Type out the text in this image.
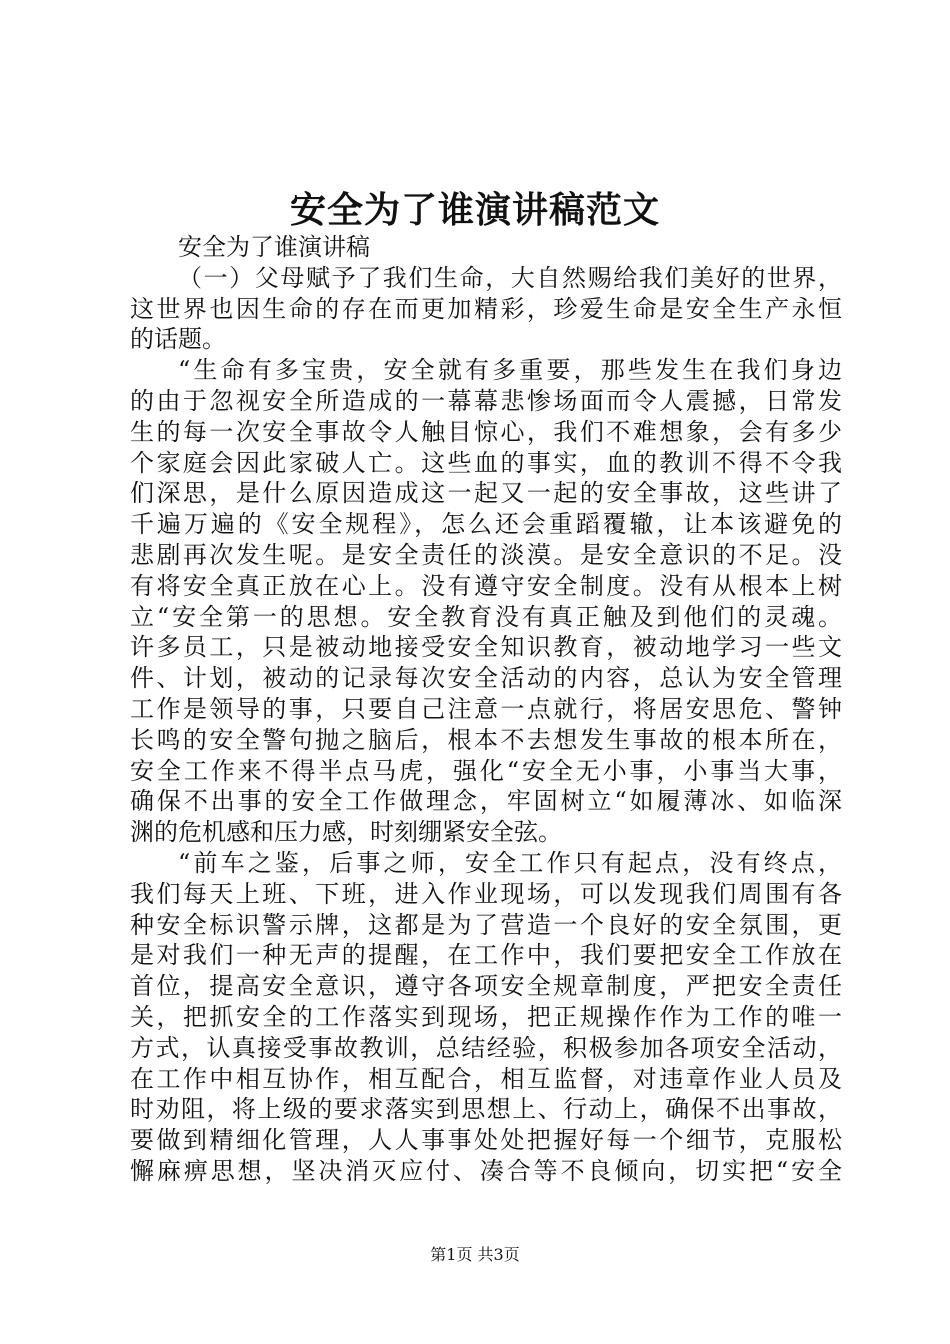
安全为了谁演讲稿范文
安全为了谁演讲稿
（一）父母赋予了我们生命，大自然赐给我们美好的世界，
这世界也因生命的存在而更加精彩，珍爱生命是安全生产永恒
的话题。
“生命有多宝贵，安全就有多重要，那些发生在我们身边
的由于忽视安全所造成的一幕幕悲惨场面而令人震撼，日常发
生的每一次安全事故令人触目惊心，我们不难想象，会有多少
个家庭会因此家破人亡。这些血的事实，血的教训不得不令我
们深思，是什么原因造成这一起又一起的安全事故，这些讲了
千遍万遍的《安全规程》，怎么还会重蹈覆辙，让本该避免的
悲剧再次发生呢。是安全责任的淡漠。是安全意识的不足。没
有将安全真正放在心上。没有遵守安全制度。没有从根本上树
立“安全第一的思想。安全教育没有真正触及到他们的灵魂。
许多员工，只是被动地接受安全知识教育，被动地学习一些文
件、计划，被动的记录每次安全活动的内容，总认为安全管理
工作是领导的事，只要自己注意一点就行，将居安思危、警钟
长鸣的安全警句抛之脑后，根本不去想发生事故的根本所在，
安全工作来不得半点马虎，强化“安全无小事，小事当大事，
确保不出事的安全工作做理念，牢固树立“如履薄冰、如临深
渊的危机感和压力感，时刻绷紧安全弦。
“前车之鉴，后事之师，安全工作只有起点，没有终点，
我们每天上班、下班，进入作业现场，可以发现我们周围有各
种安全标识警示牌，这都是为了营造一个良好的安全氛围，更
是对我们一种无声的提醒，在工作中，我们要把安全工作放在
首位，提高安全意识，遵守各项安全规章制度，严把安全责任
关，把抓安全的工作落实到现场，把正规操作作为工作的唯一
方式，认真接受事故教训，总结经验，积极参加各项安全活动，
在工作中相互协作，相互配合，相互监督，对违章作业人员及
时劝阻，将上级的要求落实到思想上、行动上，确保不出事故，
要做到精细化管理，人人事事处处把握好每一个细节，克服松
懈麻痹思想，坚决消灭应付、凑合等不良倾向，切实把“安全
第1页 共3页
